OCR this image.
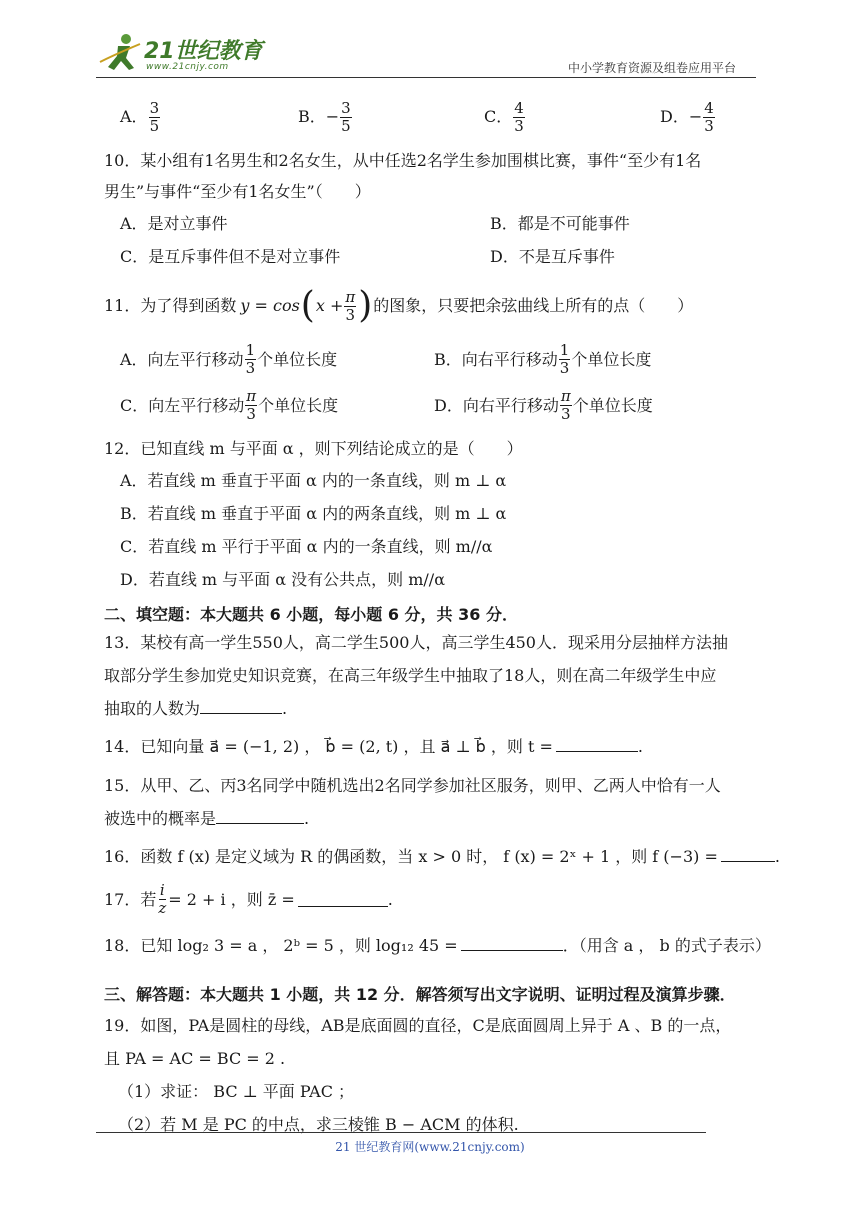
21世纪教育
www.21cnjy.com	中小学教育资源及组卷应用平台
A． $\frac{3}{5}$	B．− $\frac{3}{5}$	C． $\frac{4}{3}$	D．− $\frac{4}{3}$
10．某小组有1名男生和2名女生，从中任选2名学生参加围棋比赛，事件“至少有1名
男生”与事件“至少有1名女生”（　　）
A．是对立事件	B．都是不可能事件
C．是互斥事件但不是对立事件	D．不是互斥事件
11．为了得到函数 y = cos ( $x + \frac{\pi}{3}$ ) 的图象，只要把余弦曲线上所有的点（　　）
A．向左平行移动 $\frac{1}{3}$ 个单位长度	B．向右平行移动 $\frac{1}{3}$ 个单位长度
C．向左平行移动 $\frac{\pi}{3}$ 个单位长度	D．向右平行移动 $\frac{\pi}{3}$ 个单位长度
12．已知直线 m 与平面 α ，则下列结论成立的是（　　）
A．若直线 m 垂直于平面 α 内的一条直线，则 m ⊥ α
B．若直线 m 垂直于平面 α 内的两条直线，则 m ⊥ α
C．若直线 m 平行于平面 α 内的一条直线，则 m//α
D．若直线 m 与平面 α 没有公共点，则 m//α
二、填空题：本大题共 6 小题，每小题 6 分，共 36 分．
13．某校有高一学生550人，高二学生500人，高三学生450人．现采用分层抽样方法抽
取部分学生参加党史知识竞赛，在高三年级学生中抽取了18人，则在高二年级学生中应
抽取的人数为	.
14．已知向量 a⃗ = (−1, 2) ， b⃗ = (2, t) ，且 a⃗ ⊥ b⃗ ，则 t =	.
15．从甲、乙、丙3名同学中随机选出2名同学参加社区服务，则甲、乙两人中恰有一人
被选中的概率是	.
16．函数 f (x) 是定义域为 R 的偶函数，当 x > 0 时， f (x) = 2ˣ + 1 ，则 f (−3) =	.
17．若 $\frac{i}{z} = 2 + i$ ，则 z̄ =	.
18．已知 log₂ 3 = a ， 2ᵇ = 5 ，则 log₁₂ 45 =	．（用含 a ， b 的式子表示）
三、解答题：本大题共 1 小题，共 12 分．解答须写出文字说明、证明过程及演算步骤．
19．如图，PA是圆柱的母线，AB是底面圆的直径，C是底面圆周上异于 A 、B 的一点，
且 PA = AC = BC = 2 .
（1）求证： BC ⊥ 平面 PAC ；
（2）若 M 是 PC 的中点，求三棱锥 B − ACM 的体积.
21 世纪教育网(www.21cnjy.com)
